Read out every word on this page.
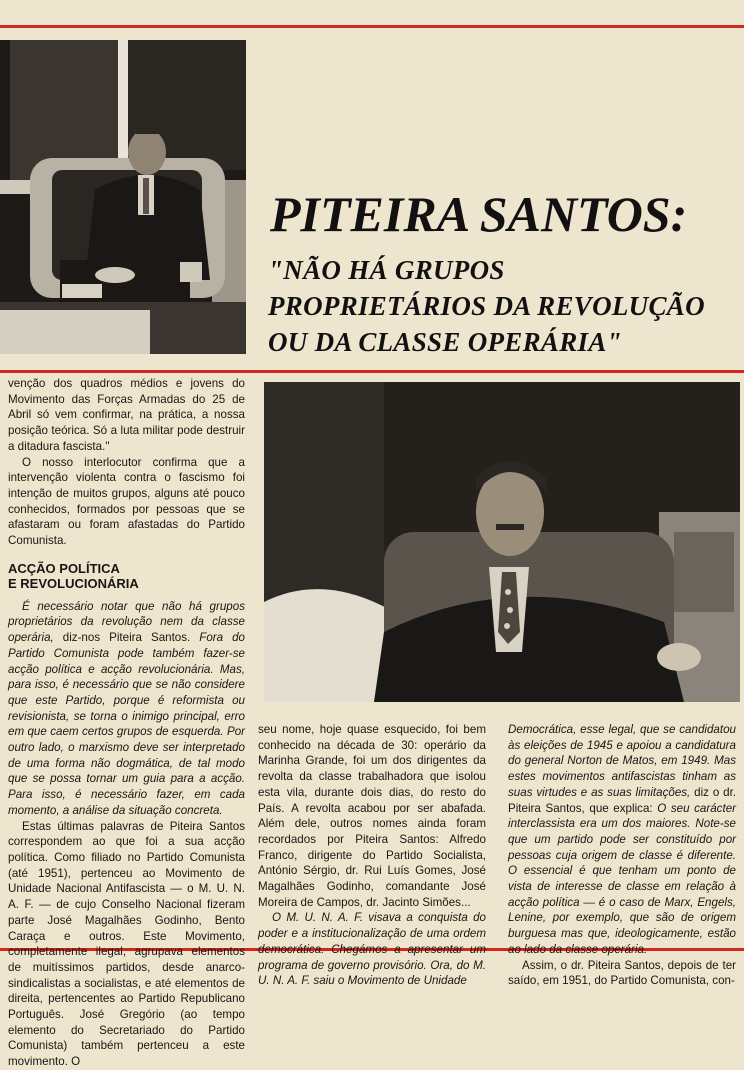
PITEIRA SANTOS:
"NÃO HÁ GRUPOS
PROPRIETÁRIOS DA REVOLUÇÃO
OU DA CLASSE OPERÁRIA"

venção dos quadros médios e jovens do Movimento das Forças Armadas do 25 de Abril só vem confirmar, na prática, a nossa posição teórica. Só a luta militar pode destruir a ditadura fascista."

O nosso interlocutor confirma que a intervenção violenta contra o fascismo foi intenção de muitos grupos, alguns até pouco conhecidos, formados por pessoas que se afastaram ou foram afastadas do Partido Comunista.

ACÇÃO POLÍTICA
E REVOLUCIONÁRIA

É necessário notar que não há grupos proprietários da revolução nem da classe operária, diz-nos Piteira Santos. Fora do Partido Comunista pode também fazer-se acção política e acção revolucionária. Mas, para isso, é necessário que se não considere que este Partido, porque é reformista ou revisionista, se torna o inimigo principal, erro em que caem certos grupos de esquerda. Por outro lado, o marxismo deve ser interpretado de uma forma não dogmática, de tal modo que se possa tornar um guia para a acção. Para isso, é necessário fazer, em cada momento, a análise da situação concreta.

Estas últimas palavras de Piteira Santos correspondem ao que foi a sua acção política. Como filiado no Partido Comunista (até 1951), pertenceu ao Movimento de Unidade Nacional Antifascista — o M. U. N. A. F. — de cujo Conselho Nacional fizeram parte José Magalhães Godinho, Bento Caraça e outros. Este Movimento, completamente ilegal, agrupava elementos de muitíssimos partidos, desde anarco-sindicalistas a socialistas, e até elementos de direita, pertencentes ao Partido Republicano Português. José Gregório (ao tempo elemento do Secretariado do Partido Comunista) também pertenceu a este movimento. O

seu nome, hoje quase esquecido, foi bem conhecido na década de 30: operário da Marinha Grande, foi um dos dirigentes da revolta da classe trabalhadora que isolou esta vila, durante dois dias, do resto do País. A revolta acabou por ser abafada. Além dele, outros nomes ainda foram recordados por Piteira Santos: Alfredo Franco, dirigente do Partido Socialista, António Sérgio, dr. Rui Luís Gomes, José Magalhães Godinho, comandante José Moreira de Campos, dr. Jacinto Simões...

O M. U. N. A. F. visava a conquista do poder e a institucionalização de uma ordem democrática. Chegámos a apresentar um programa de governo provisório. Ora, do M. U. N. A. F. saiu o Movimento de Unidade

Democrática, esse legal, que se candidatou às eleições de 1945 e apoiou a candidatura do general Norton de Matos, em 1949. Mas estes movimentos antifascistas tinham as suas virtudes e as suas limitações, diz o dr. Piteira Santos, que explica: O seu carácter interclassista era um dos maiores. Note-se que um partido pode ser constituído por pessoas cuja origem de classe é diferente. O essencial é que tenham um ponto de vista de interesse de classe em relação à acção política — é o caso de Marx, Engels, Lenine, por exemplo, que são de origem burguesa mas que, ideologicamente, estão ao lado da classe operária.

Assim, o dr. Piteira Santos, depois de ter saído, em 1951, do Partido Comunista, con-
